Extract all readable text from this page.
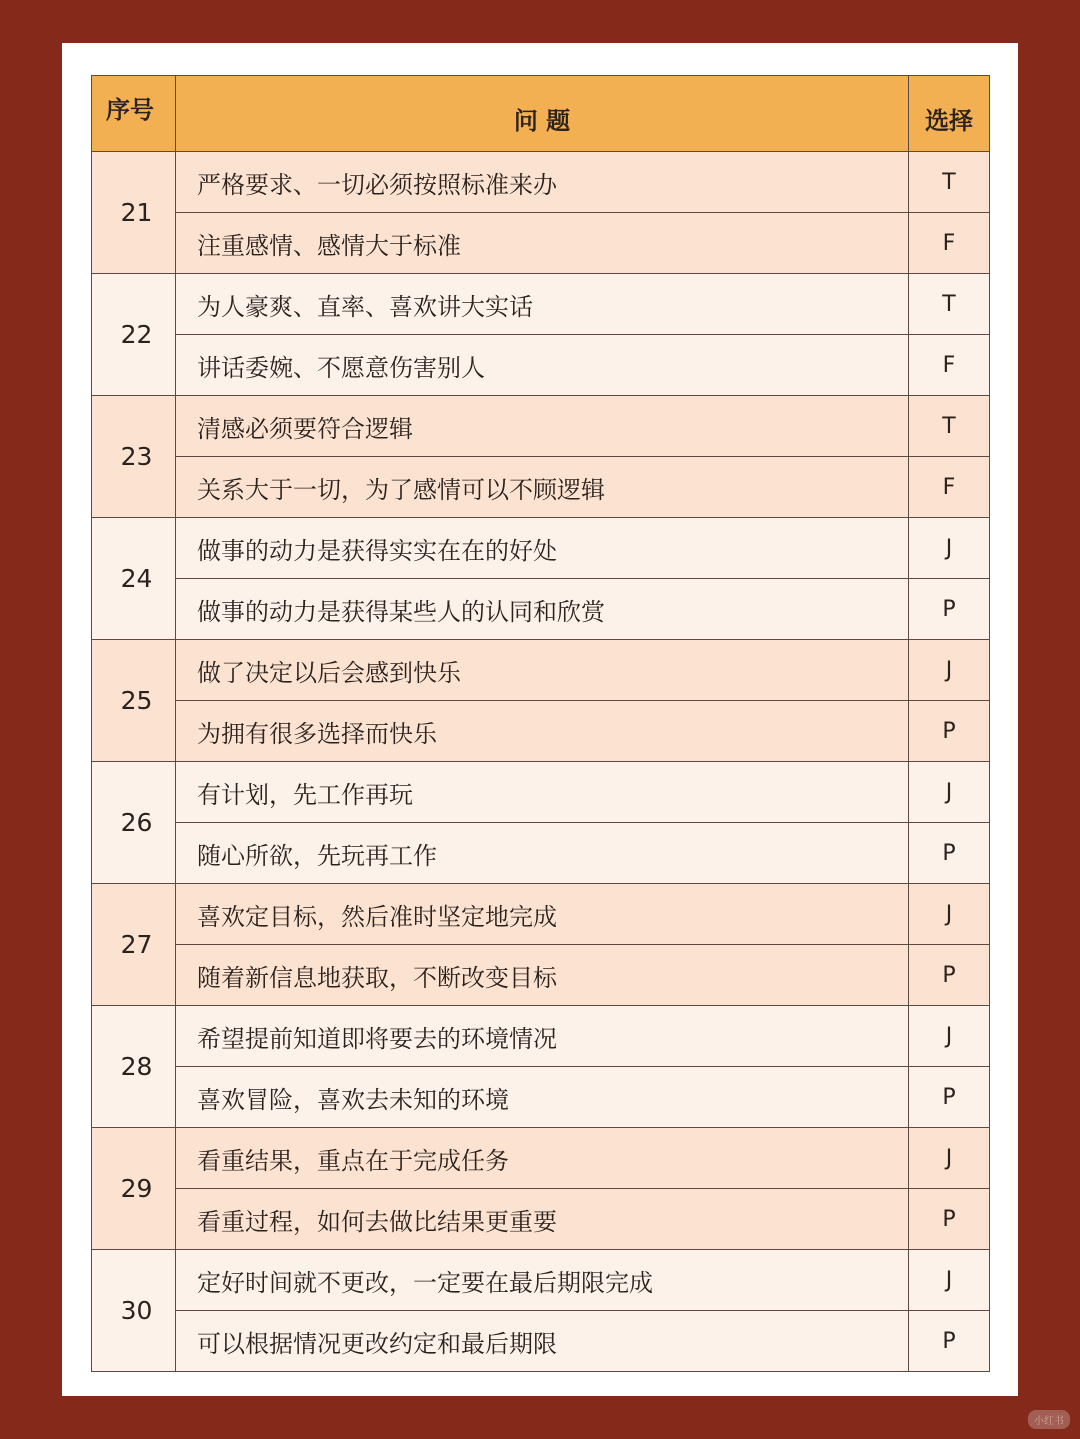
序号	问 题	选择
21	严格要求、一切必须按照标准来办	T
	注重感情、感情大于标准	F
22	为人豪爽、直率、喜欢讲大实话	T
	讲话委婉、不愿意伤害别人	F
23	清感必须要符合逻辑	T
	关系大于一切，为了感情可以不顾逻辑	F
24	做事的动力是获得实实在在的好处	J
	做事的动力是获得某些人的认同和欣赏	P
25	做了决定以后会感到快乐	J
	为拥有很多选择而快乐	P
26	有计划，先工作再玩	J
	随心所欲，先玩再工作	P
27	喜欢定目标，然后准时坚定地完成	J
	随着新信息地获取，不断改变目标	P
28	希望提前知道即将要去的环境情况	J
	喜欢冒险，喜欢去未知的环境	P
29	看重结果，重点在于完成任务	J
	看重过程，如何去做比结果更重要	P
30	定好时间就不更改，一定要在最后期限完成	J
	可以根据情况更改约定和最后期限	P
小红书
